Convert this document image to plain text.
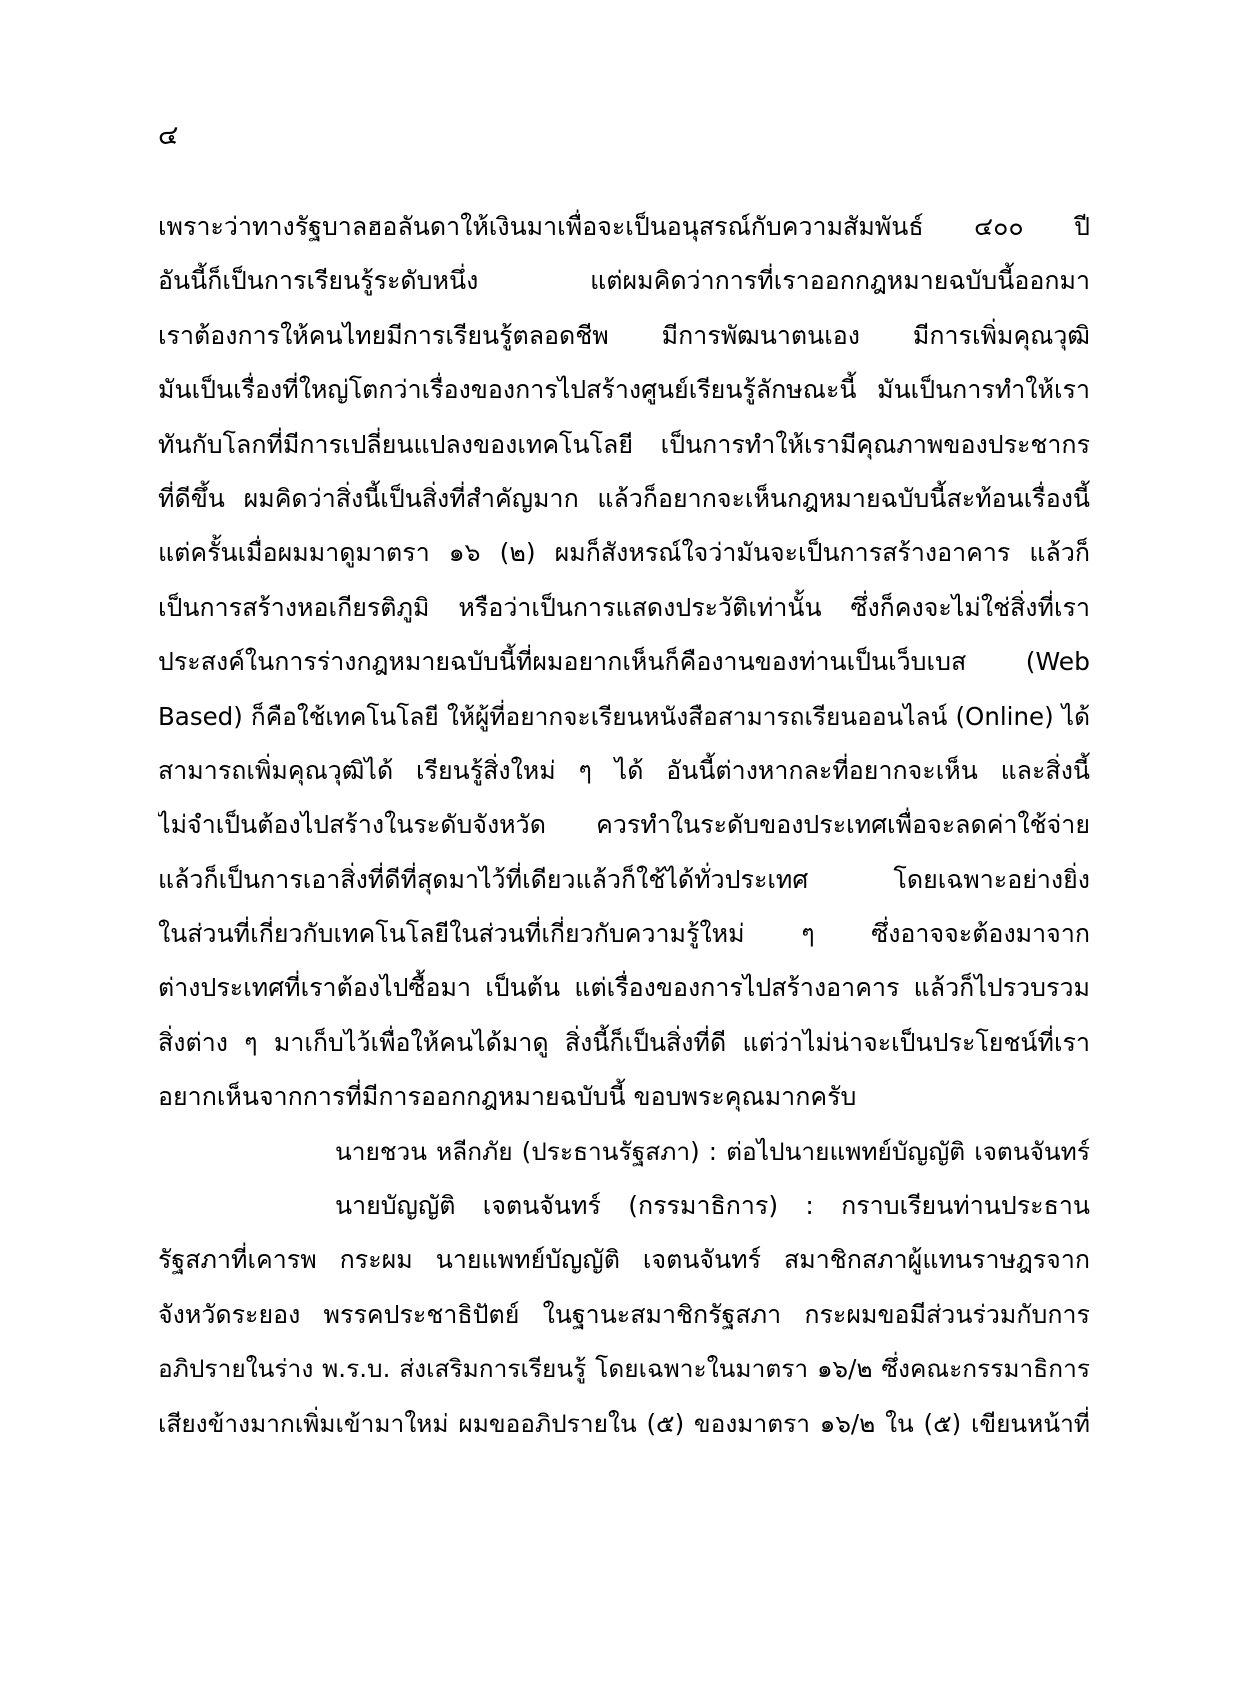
๔
เพราะว่าทางรัฐบาลฮอลันดาให้เงินมาเพื่อจะเป็นอนุสรณ์กับความสัมพันธ์ ๔๐๐ ปี
อันนี้ก็เป็นการเรียนรู้ระดับหนึ่ง แต่ผมคิดว่าการที่เราออกกฎหมายฉบับนี้ออกมา
เราต้องการให้คนไทยมีการเรียนรู้ตลอดชีพ มีการพัฒนาตนเอง มีการเพิ่มคุณวุฒิ
มันเป็นเรื่องที่ใหญ่โตกว่าเรื่องของการไปสร้างศูนย์เรียนรู้ลักษณะนี้ มันเป็นการทำให้เรา
ทันกับโลกที่มีการเปลี่ยนแปลงของเทคโนโลยี เป็นการทำให้เรามีคุณภาพของประชากร
ที่ดีขึ้น ผมคิดว่าสิ่งนี้เป็นสิ่งที่สำคัญมาก แล้วก็อยากจะเห็นกฎหมายฉบับนี้สะท้อนเรื่องนี้
แต่ครั้นเมื่อผมมาดูมาตรา ๑๖ (๒) ผมก็สังหรณ์ใจว่ามันจะเป็นการสร้างอาคาร แล้วก็
เป็นการสร้างหอเกียรติภูมิ หรือว่าเป็นการแสดงประวัติเท่านั้น ซึ่งก็คงจะไม่ใช่สิ่งที่เรา
ประสงค์ในการร่างกฎหมายฉบับนี้ที่ผมอยากเห็นก็คืองานของท่านเป็นเว็บเบส (Web
Based) ก็คือใช้เทคโนโลยี ให้ผู้ที่อยากจะเรียนหนังสือสามารถเรียนออนไลน์ (Online) ได้
สามารถเพิ่มคุณวุฒิได้ เรียนรู้สิ่งใหม่ ๆ ได้ อันนี้ต่างหากละที่อยากจะเห็น และสิ่งนี้
ไม่จำเป็นต้องไปสร้างในระดับจังหวัด ควรทำในระดับของประเทศเพื่อจะลดค่าใช้จ่าย
แล้วก็เป็นการเอาสิ่งที่ดีที่สุดมาไว้ที่เดียวแล้วก็ใช้ได้ทั่วประเทศ โดยเฉพาะอย่างยิ่ง
ในส่วนที่เกี่ยวกับเทคโนโลยีในส่วนที่เกี่ยวกับความรู้ใหม่ ๆ ซึ่งอาจจะต้องมาจาก
ต่างประเทศที่เราต้องไปซื้อมา เป็นต้น แต่เรื่องของการไปสร้างอาคาร แล้วก็ไปรวบรวม
สิ่งต่าง ๆ มาเก็บไว้เพื่อให้คนได้มาดู สิ่งนี้ก็เป็นสิ่งที่ดี แต่ว่าไม่น่าจะเป็นประโยชน์ที่เรา
อยากเห็นจากการที่มีการออกกฎหมายฉบับนี้ ขอบพระคุณมากครับ
นายชวน หลีกภัย (ประธานรัฐสภา) : ต่อไปนายแพทย์บัญญัติ เจตนจันทร์
นายบัญญัติ เจตนจันทร์ (กรรมาธิการ) : กราบเรียนท่านประธาน
รัฐสภาที่เคารพ กระผม นายแพทย์บัญญัติ เจตนจันทร์ สมาชิกสภาผู้แทนราษฎรจาก
จังหวัดระยอง พรรคประชาธิปัตย์ ในฐานะสมาชิกรัฐสภา กระผมขอมีส่วนร่วมกับการ
อภิปรายในร่าง พ.ร.บ. ส่งเสริมการเรียนรู้ โดยเฉพาะในมาตรา ๑๖/๒ ซึ่งคณะกรรมาธิการ
เสียงข้างมากเพิ่มเข้ามาใหม่ ผมขออภิปรายใน (๕) ของมาตรา ๑๖/๒ ใน (๕) เขียนหน้าที่
